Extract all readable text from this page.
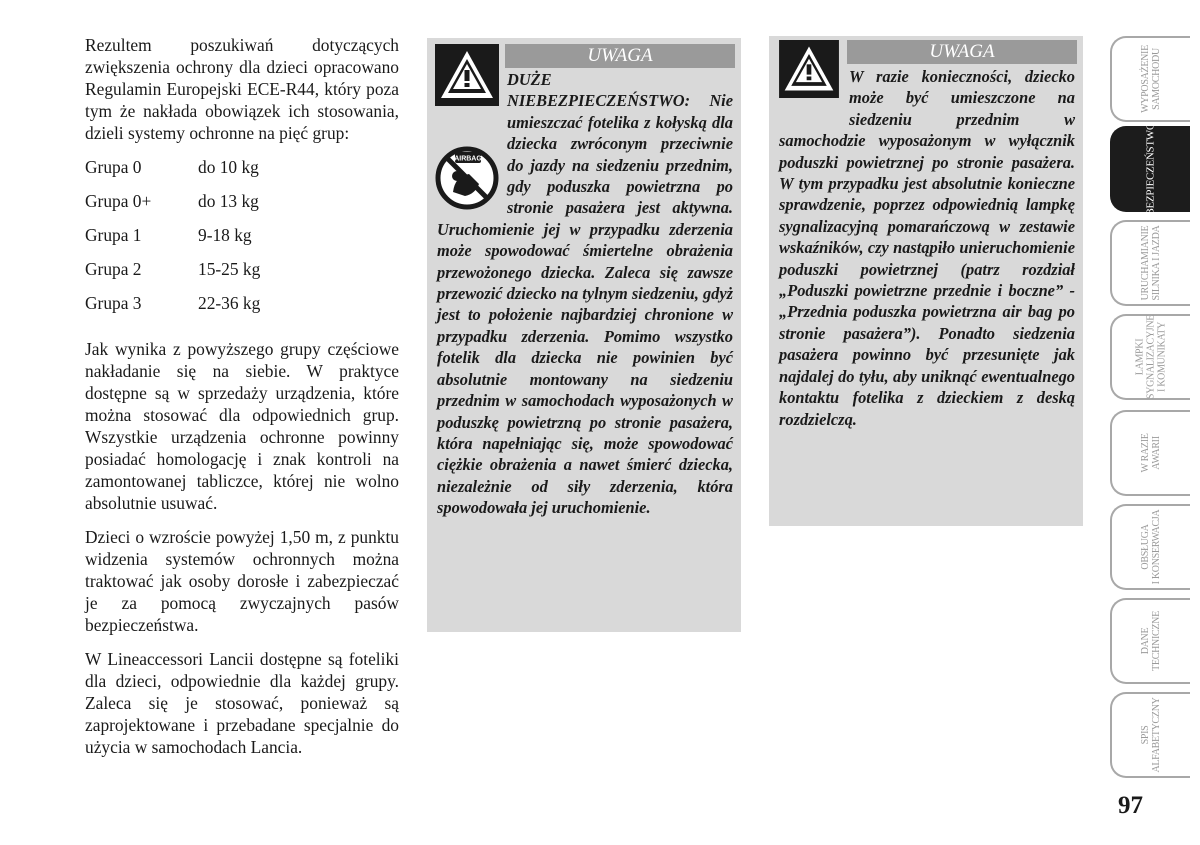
Rezultem poszukiwań dotyczących zwiększenia ochrony dla dzieci opracowano Regulamin Europejski ECE-R44, który poza tym że nakłada obowiązek ich stosowania, dzieli systemy ochronne na pięć grup:

Grupa 0	do 10 kg
Grupa 0+	do 13 kg
Grupa 1	9-18 kg
Grupa 2	15-25 kg
Grupa 3	22-36 kg

Jak wynika z powyższego grupy częściowe nakładanie się na siebie. W praktyce dostępne są w sprzedaży urządzenia, które można stosować dla odpowiednich grup. Wszystkie urządzenia ochronne powinny posiadać homologację i znak kontroli na zamontowanej tabliczce, której nie wolno absolutnie usuwać.

Dzieci o wzroście powyżej 1,50 m, z punktu widzenia systemów ochronnych można traktować jak osoby dorosłe i zabezpieczać je za pomocą zwyczajnych pasów bezpieczeństwa.

W Lineaccessori Lancii dostępne są foteliki dla dzieci, odpowiednie dla każdej grupy. Zaleca się je stosować, ponieważ są zaprojektowane i przebadane specjalnie do użycia w samochodach Lancia.

AIRBAG
UWAGA
DUŻE NIEBEZPIECZEŃSTWO: Nie umieszczać fotelika z kołyską dla dziecka zwróconym przeciwnie do jazdy na siedzeniu przednim, gdy poduszka powietrzna po stronie pasażera jest aktywna. Uruchomienie jej w przypadku zderzenia może spowodować śmiertelne obrażenia przewożonego dziecka. Zaleca się zawsze przewozić dziecko na tylnym siedzeniu, gdyż jest to położenie najbardziej chronione w przypadku zderzenia. Pomimo wszystko fotelik dla dziecka nie powinien być absolutnie montowany na siedzeniu przednim w samochodach wyposażonych w poduszkę powietrzną po stronie pasażera, która napełniając się, może spowodować ciężkie obrażenia a nawet śmierć dziecka, niezależnie od siły zderzenia, która spowodowała jej uruchomienie.
UWAGA
W razie konieczności, dziecko może być umieszczone na siedzeniu przednim w samochodzie wyposażonym w wyłącznik poduszki powietrznej po stronie pasażera. W tym przypadku jest absolutnie konieczne sprawdzenie, poprzez odpowiednią lampkę sygnalizacyjną pomarańczową w zestawie wskaźników, czy nastąpiło unieruchomienie poduszki powietrznej (patrz rozdział „Poduszki powietrzne przednie i boczne” - „Przednia poduszka powietrzna air bag po stronie pasażera”). Ponadto siedzenia pasażera powinno być przesunięte jak najdalej do tyłu, aby uniknąć ewentualnego kontaktu fotelika z dzieckiem z deską rozdzielczą.
WYPOSAŻENIE
SAMOCHODU
BEZPIECZEŃSTWO
URUCHAMIANIE
SILNIKA I JAZDA
LAMPKI
SYGNALIZACYJNE
I KOMUNIKATY
W RAZIE
AWARII
OBSŁUGA
I KONSERWACJA
DANE
TECHNICZNE
SPIS
ALFABETYCZNY
97
